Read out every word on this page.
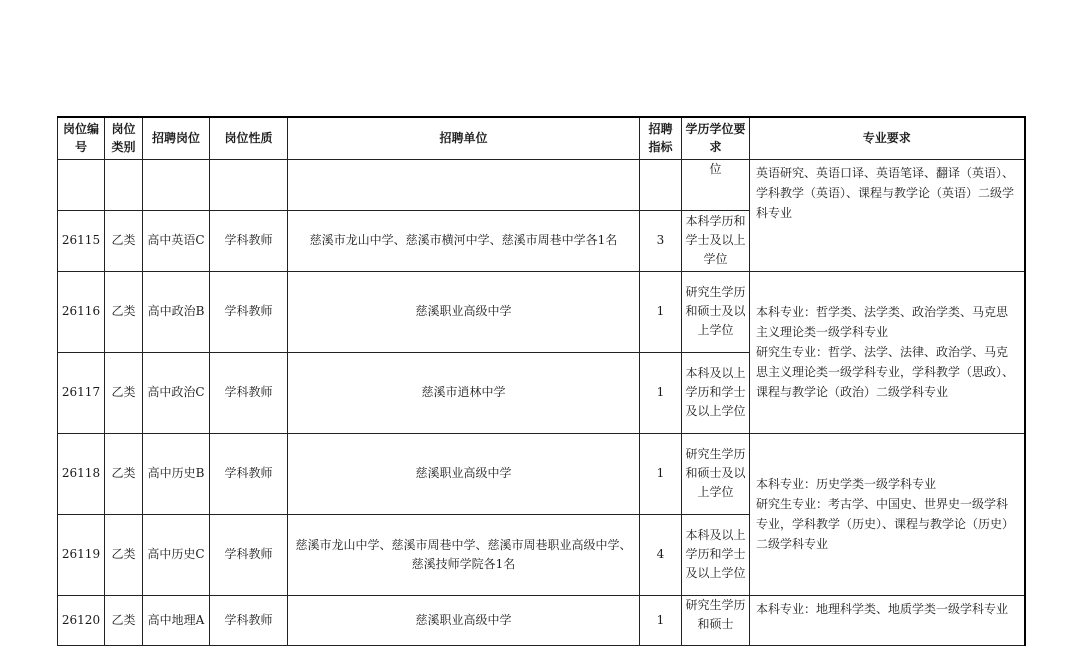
岗位编号	岗位类别	招聘岗位	岗位性质	招聘单位	招聘指标	学历学位要求	专业要求
						位	英语研究、英语口译、英语笔译、翻译（英语）、学科教学（英语）、课程与教学论（英语）二级学科专业
26115	乙类	高中英语C	学科教师	慈溪市龙山中学、慈溪市横河中学、慈溪市周巷中学各1名	3	本科学历和学士及以上学位	
26116	乙类	高中政治B	学科教师	慈溪职业高级中学	1	研究生学历和硕士及以上学位	本科专业：哲学类、法学类、政治学类、马克思主义理论类一级学科专业
研究生专业：哲学、法学、法律、政治学、马克思主义理论类一级学科专业，学科教学（思政）、课程与教学论（政治）二级学科专业
26117	乙类	高中政治C	学科教师	慈溪市逍林中学	1	本科及以上学历和学士及以上学位	
26118	乙类	高中历史B	学科教师	慈溪职业高级中学	1	研究生学历和硕士及以上学位	本科专业：历史学类一级学科专业
研究生专业：考古学、中国史、世界史一级学科专业，学科教学（历史）、课程与教学论（历史）二级学科专业
26119	乙类	高中历史C	学科教师	慈溪市龙山中学、慈溪市周巷中学、慈溪市周巷职业高级中学、慈溪技师学院各1名	4	本科及以上学历和学士及以上学位	
26120	乙类	高中地理A	学科教师	慈溪职业高级中学	1	研究生学历和硕士	本科专业：地理科学类、地质学类一级学科专业
